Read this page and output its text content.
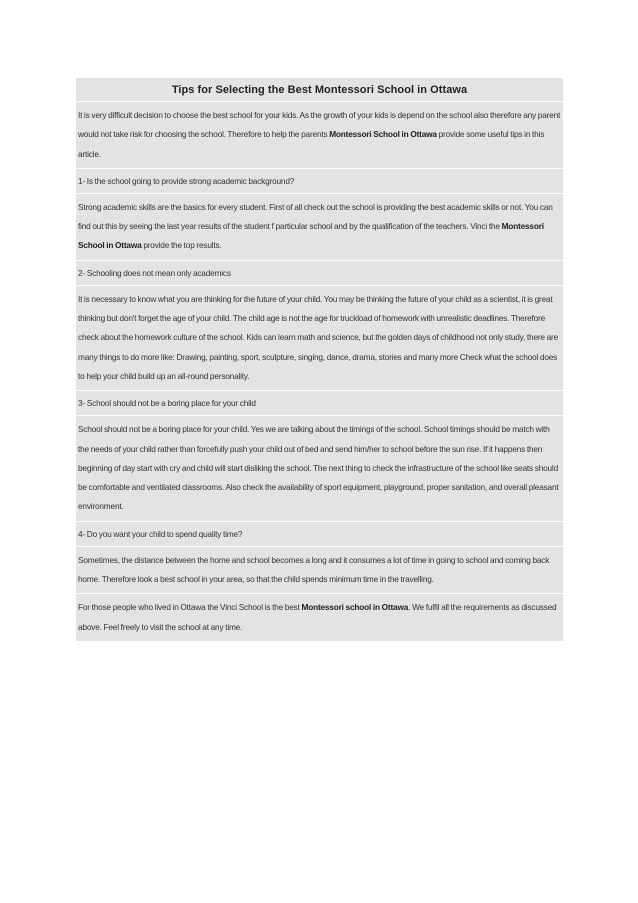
Tips for Selecting the Best Montessori School in Ottawa

It is very difficult decision to choose the best school for your kids. As the growth of your kids is depend on the school also therefore any parent would not take risk for choosing the school. Therefore to help the parents Montessori School in Ottawa provide some useful tips in this article.

1- Is the school going to provide strong academic background?

Strong academic skills are the basics for every student. First of all check out the school is providing the best academic skills or not. You can find out this by seeing the last year results of the student f particular school and by the qualification of the teachers. Vinci the Montessori School in Ottawa provide the top results.

2- Schooling does not mean only academics

It is necessary to know what you are thinking for the future of your child. You may be thinking the future of your child as a scientist, it is great thinking but don't forget the age of your child. The child age is not the age for truckload of homework with unrealistic deadlines. Therefore check about the homework culture of the school. Kids can learn math and science, but the golden days of childhood not only study, there are many things to do more like: Drawing, painting, sport, sculpture, singing, dance, drama, stories and many more Check what the school does to help your child build up an all-round personality.

3- School should not be a boring place for your child

School should not be a boring place for your child. Yes we are talking about the timings of the school. School timings should be match with the needs of your child rather than forcefully push your child out of bed and send him/her to school before the sun rise. If it happens then beginning of day start with cry and child will start disliking the school. The next thing to check the infrastructure of the school like seats should be comfortable and ventilated classrooms. Also check the availability of sport equipment, playground, proper sanitation, and overall pleasant environment.

4- Do you want your child to spend quality time?

Sometimes, the distance between the home and school becomes a long and it consumes a lot of time in going to school and coming back home. Therefore look a best school in your area, so that the child spends minimum time in the travelling.

For those people who lived in Ottawa the Vinci School is the best Montessori school in Ottawa. We fulfil all the requirements as discussed above. Feel freely to visit the school at any time.
